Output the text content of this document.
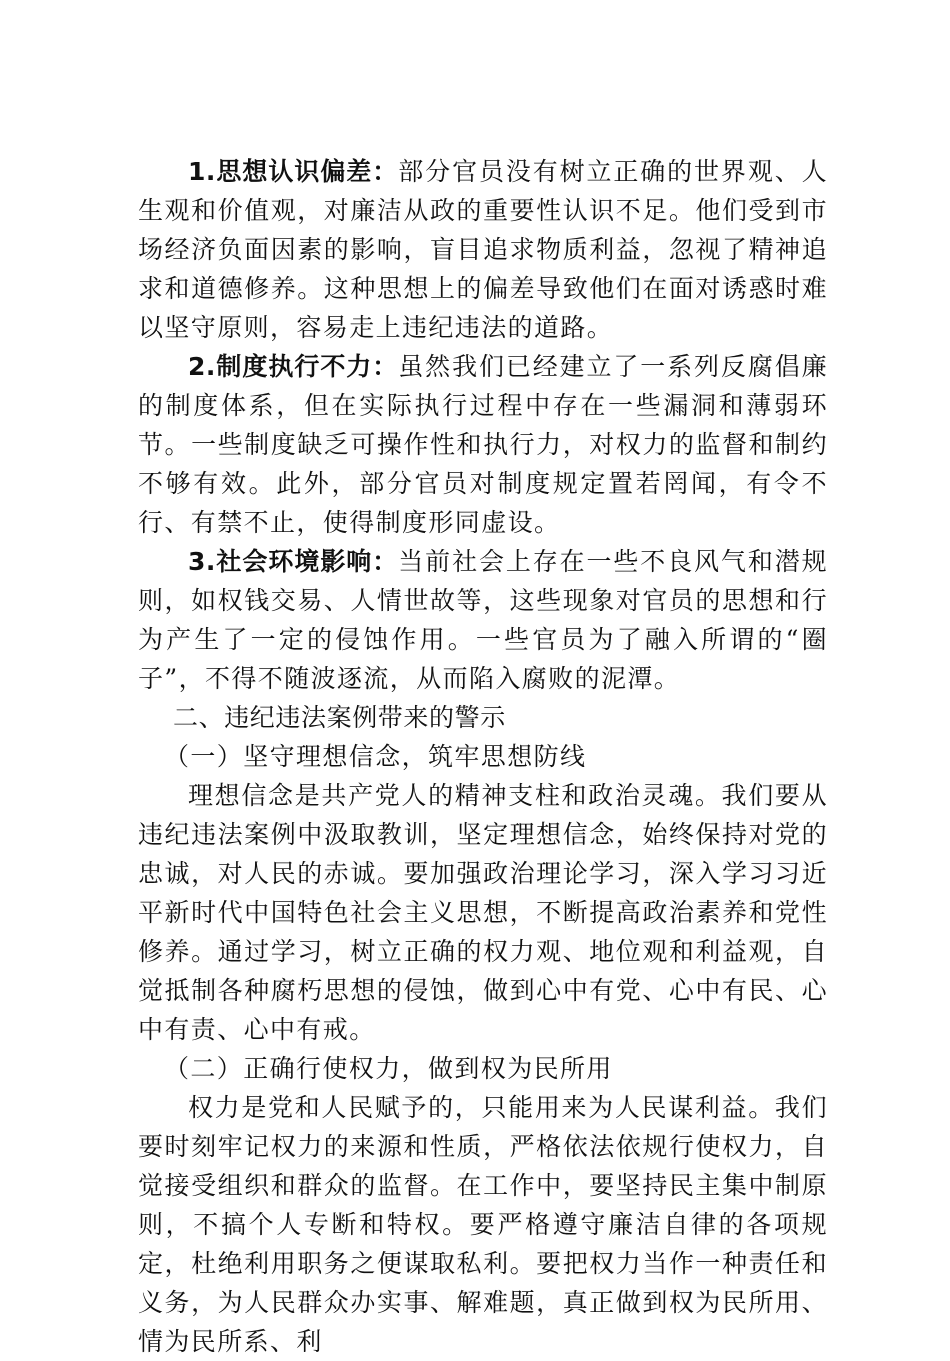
1.思想认识偏差：部分官员没有树立正确的世界观、人生观和价值观，对廉洁从政的重要性认识不足。他们受到市场经济负面因素的影响，盲目追求物质利益，忽视了精神追求和道德修养。这种思想上的偏差导致他们在面对诱惑时难以坚守原则，容易走上违纪违法的道路。

2.制度执行不力：虽然我们已经建立了一系列反腐倡廉的制度体系，但在实际执行过程中存在一些漏洞和薄弱环节。一些制度缺乏可操作性和执行力，对权力的监督和制约不够有效。此外，部分官员对制度规定置若罔闻，有令不行、有禁不止，使得制度形同虚设。

3.社会环境影响：当前社会上存在一些不良风气和潜规则，如权钱交易、人情世故等，这些现象对官员的思想和行为产生了一定的侵蚀作用。一些官员为了融入所谓的“圈子”，不得不随波逐流，从而陷入腐败的泥潭。

二、违纪违法案例带来的警示

（一）坚守理想信念，筑牢思想防线

理想信念是共产党人的精神支柱和政治灵魂。我们要从违纪违法案例中汲取教训，坚定理想信念，始终保持对党的忠诚，对人民的赤诚。要加强政治理论学习，深入学习习近平新时代中国特色社会主义思想，不断提高政治素养和党性修养。通过学习，树立正确的权力观、地位观和利益观，自觉抵制各种腐朽思想的侵蚀，做到心中有党、心中有民、心中有责、心中有戒。

（二）正确行使权力，做到权为民所用

权力是党和人民赋予的，只能用来为人民谋利益。我们要时刻牢记权力的来源和性质，严格依法依规行使权力，自觉接受组织和群众的监督。在工作中，要坚持民主集中制原则，不搞个人专断和特权。要严格遵守廉洁自律的各项规定，杜绝利用职务之便谋取私利。要把权力当作一种责任和义务，为人民群众办实事、解难题，真正做到权为民所用、情为民所系、利
